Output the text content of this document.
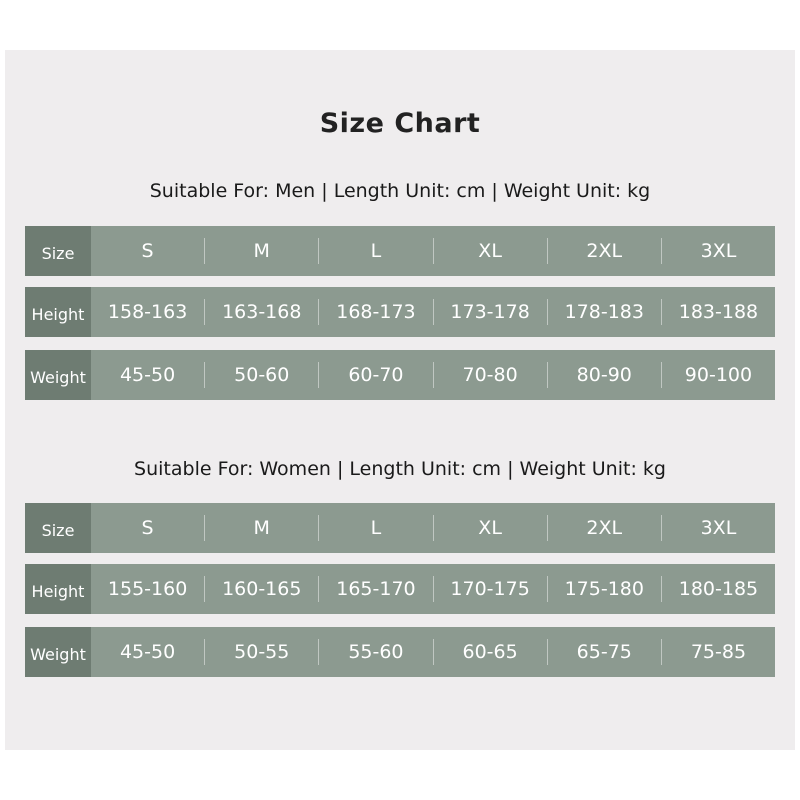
Size Chart
Suitable For: Men | Length Unit: cm | Weight Unit: kg
Size	S	M	L	XL	2XL	3XL
Height	158-163	163-168	168-173	173-178	178-183	183-188
Weight	45-50	50-60	60-70	70-80	80-90	90-100
Suitable For: Women | Length Unit: cm | Weight Unit: kg
Size	S	M	L	XL	2XL	3XL
Height	155-160	160-165	165-170	170-175	175-180	180-185
Weight	45-50	50-55	55-60	60-65	65-75	75-85
